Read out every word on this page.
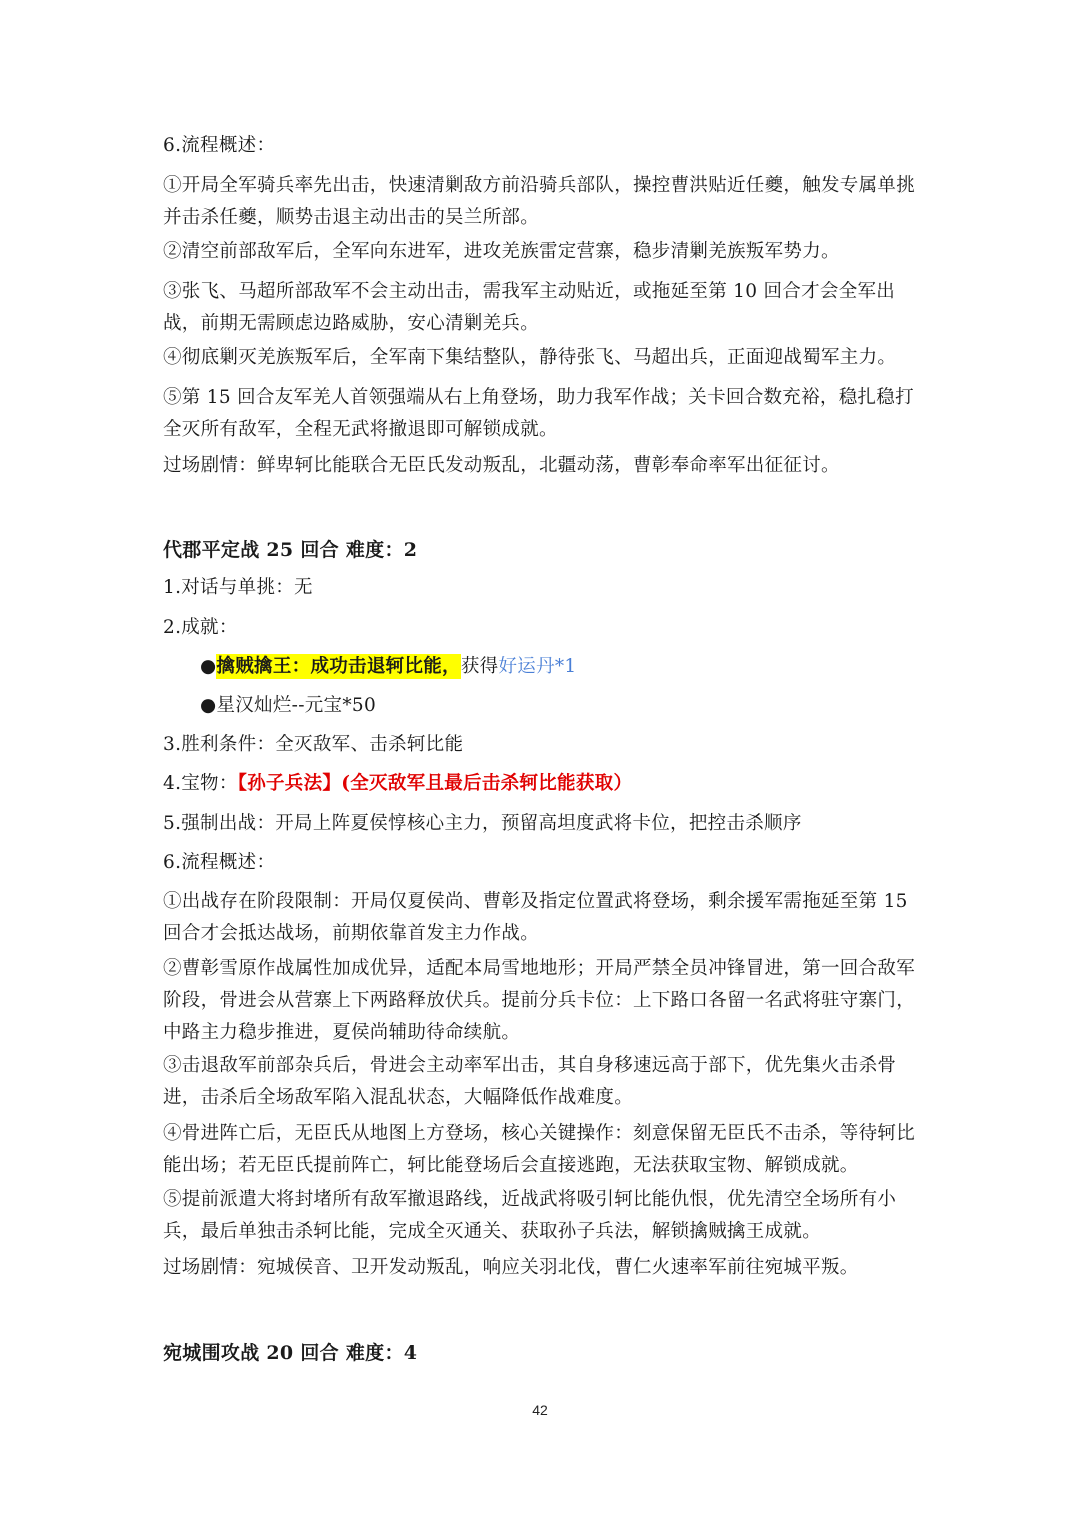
6.流程概述：

①开局全军骑兵率先出击，快速清剿敌方前沿骑兵部队，操控曹洪贴近任夔，触发专属单挑并击杀任夔，顺势击退主动出击的吴兰所部。

②清空前部敌军后，全军向东进军，进攻羌族雷定营寨，稳步清剿羌族叛军势力。

③张飞、马超所部敌军不会主动出击，需我军主动贴近，或拖延至第 10 回合才会全军出战，前期无需顾虑边路威胁，安心清剿羌兵。

④彻底剿灭羌族叛军后，全军南下集结整队，静待张飞、马超出兵，正面迎战蜀军主力。

⑤第 15 回合友军羌人首领强端从右上角登场，助力我军作战；关卡回合数充裕，稳扎稳打全灭所有敌军，全程无武将撤退即可解锁成就。

过场剧情：鲜卑轲比能联合无臣氏发动叛乱，北疆动荡，曹彰奉命率军出征征讨。

代郡平定战 25 回合 难度：2

1.对话与单挑：无

2.成就：

●擒贼擒王：成功击退轲比能，获得好运丹*1

●星汉灿烂--元宝*50

3.胜利条件：全灭敌军、击杀轲比能

4.宝物：【孙子兵法】(全灭敌军且最后击杀轲比能获取）

5.强制出战：开局上阵夏侯惇核心主力，预留高坦度武将卡位，把控击杀顺序

6.流程概述：

①出战存在阶段限制：开局仅夏侯尚、曹彰及指定位置武将登场，剩余援军需拖延至第 15 回合才会抵达战场，前期依靠首发主力作战。

②曹彰雪原作战属性加成优异，适配本局雪地地形；开局严禁全员冲锋冒进，第一回合敌军阶段，骨进会从营寨上下两路释放伏兵。提前分兵卡位：上下路口各留一名武将驻守寨门，中路主力稳步推进，夏侯尚辅助待命续航。

③击退敌军前部杂兵后，骨进会主动率军出击，其自身移速远高于部下，优先集火击杀骨进，击杀后全场敌军陷入混乱状态，大幅降低作战难度。

④骨进阵亡后，无臣氏从地图上方登场，核心关键操作：刻意保留无臣氏不击杀，等待轲比能出场；若无臣氏提前阵亡，轲比能登场后会直接逃跑，无法获取宝物、解锁成就。

⑤提前派遣大将封堵所有敌军撤退路线，近战武将吸引轲比能仇恨，优先清空全场所有小兵，最后单独击杀轲比能，完成全灭通关、获取孙子兵法，解锁擒贼擒王成就。

过场剧情：宛城侯音、卫开发动叛乱，响应关羽北伐，曹仁火速率军前往宛城平叛。

宛城围攻战 20 回合 难度：4

42
